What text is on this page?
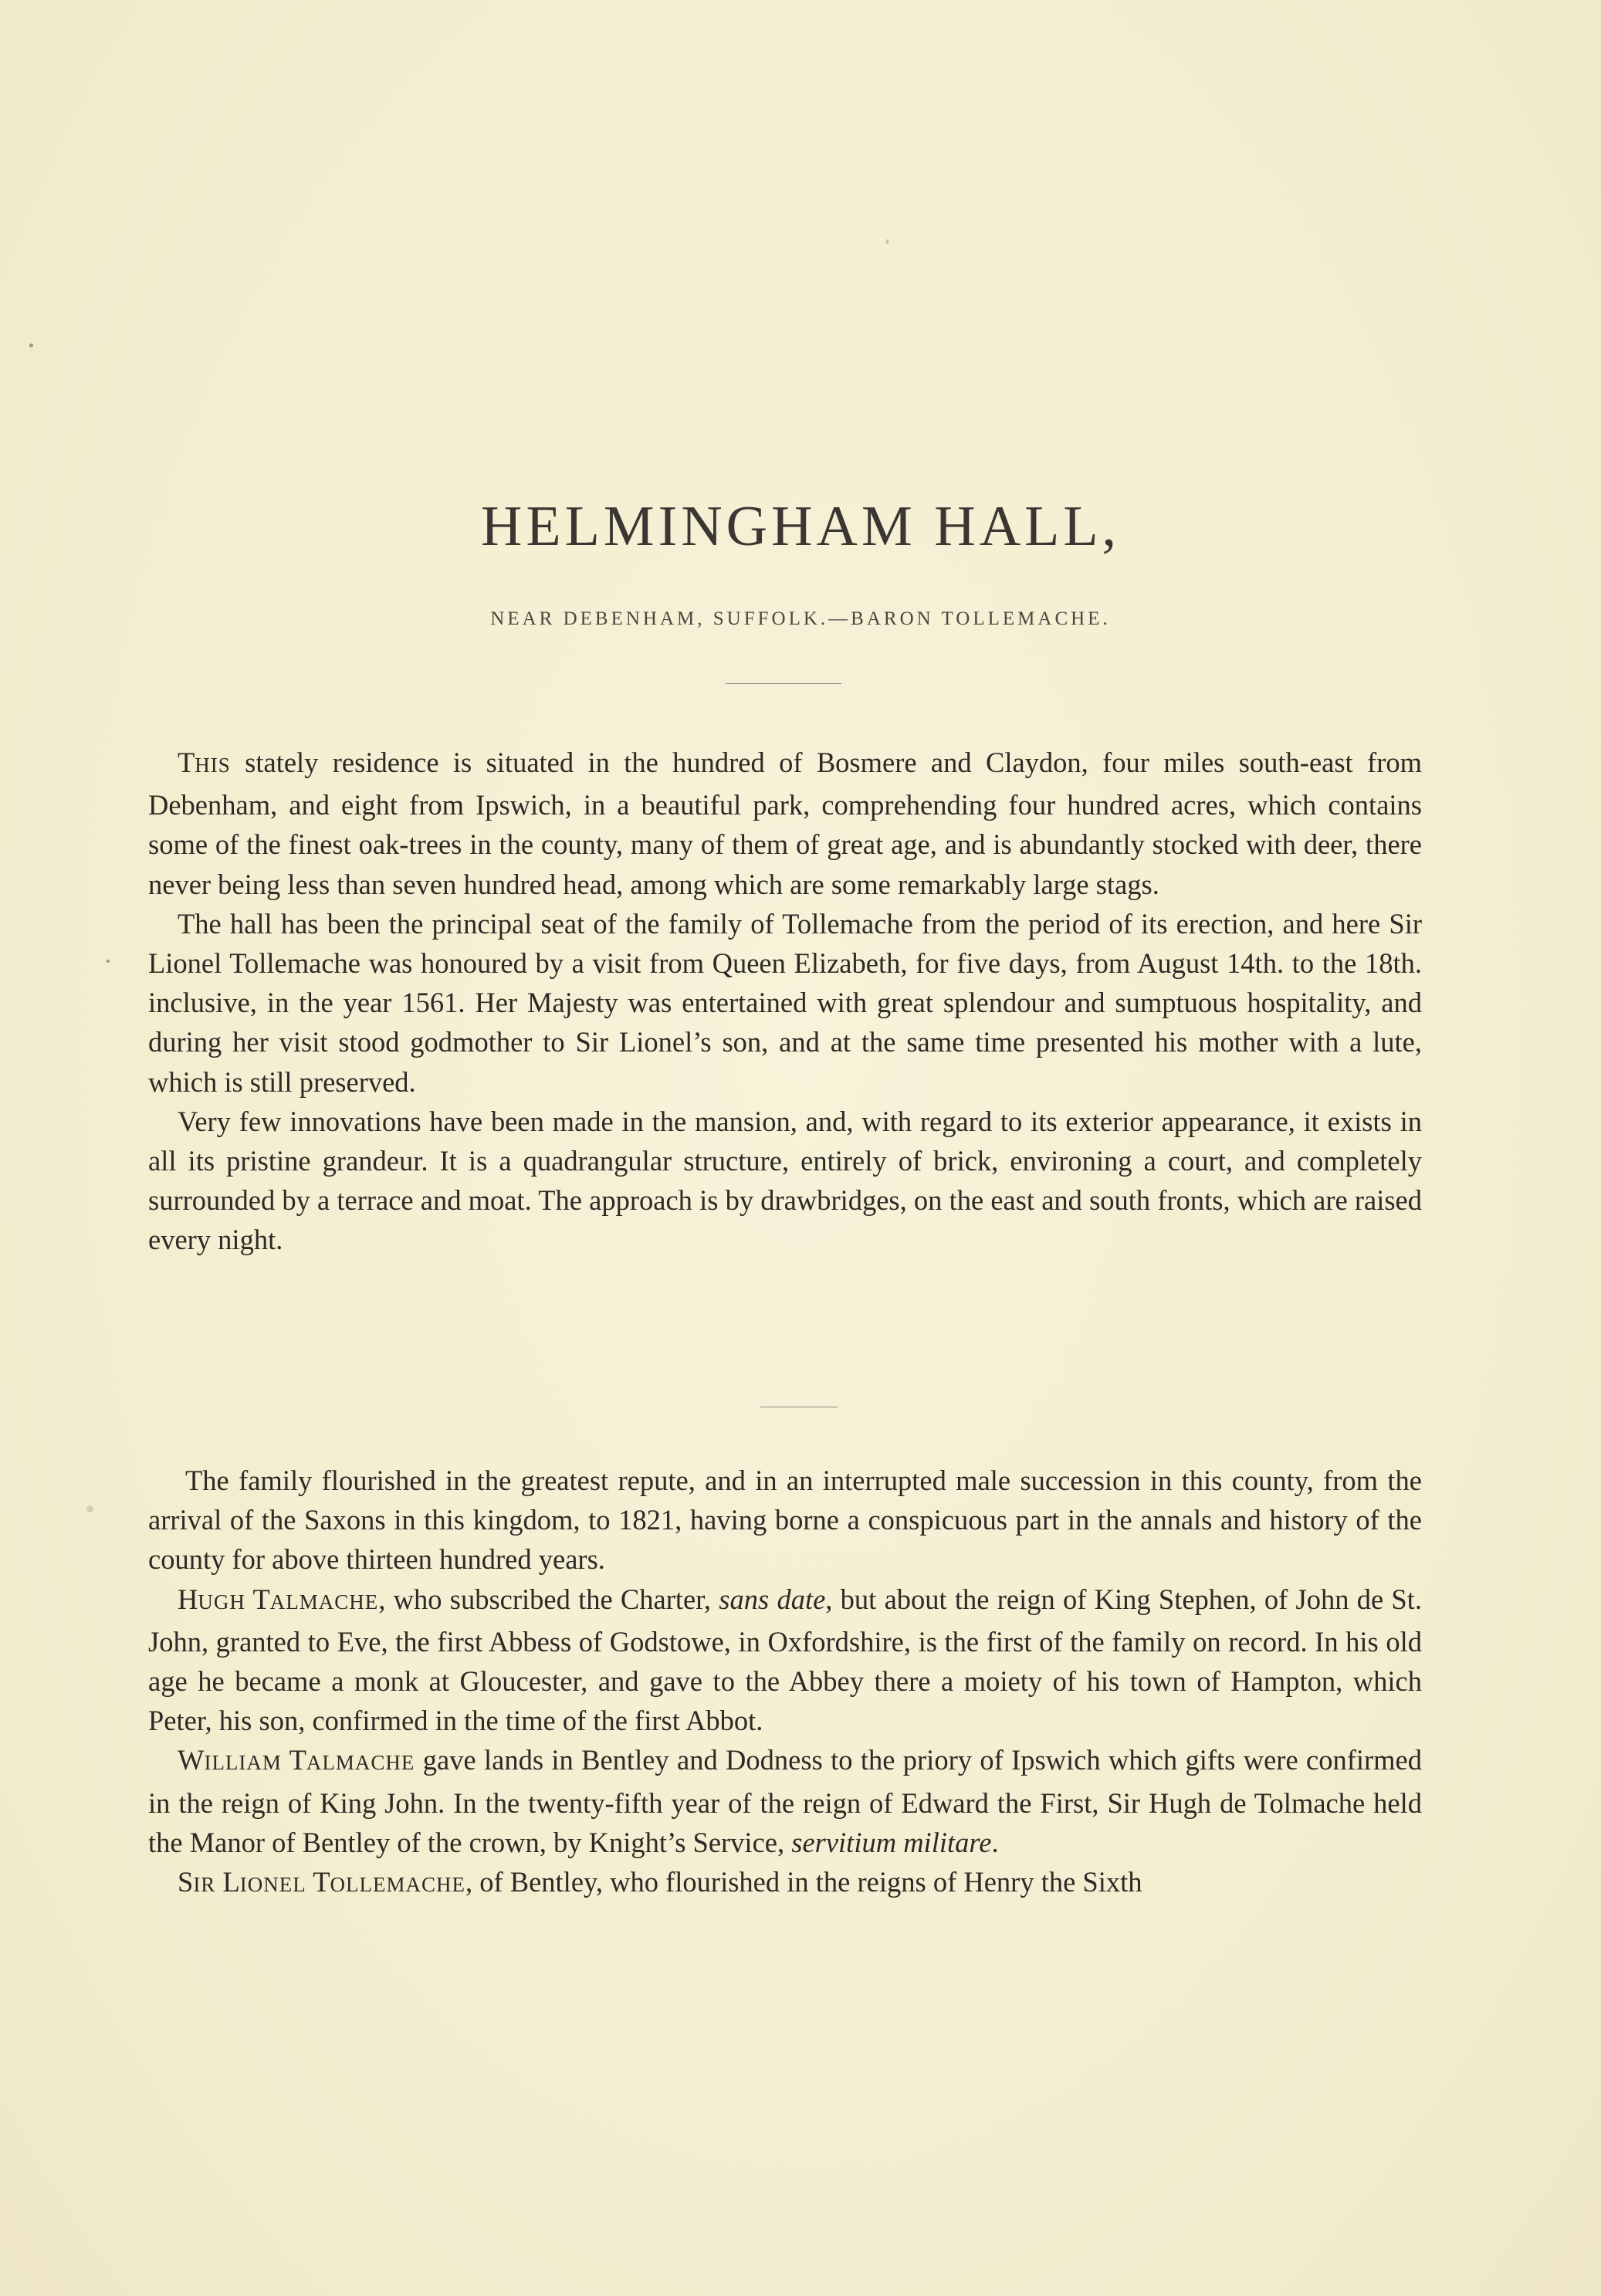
HELMINGHAM HALL,

NEAR DEBENHAM, SUFFOLK.—BARON TOLLEMACHE.

THIS stately residence is situated in the hundred of Bosmere and Claydon, four miles south-east from Debenham, and eight from Ipswich, in a beautiful park, comprehending four hundred acres, which contains some of the finest oak-trees in the county, many of them of great age, and is abundantly stocked with deer, there never being less than seven hundred head, among which are some remarkably large stags.

The hall has been the principal seat of the family of Tollemache from the period of its erection, and here Sir Lionel Tollemache was honoured by a visit from Queen Elizabeth, for five days, from August 14th. to the 18th. inclusive, in the year 1561. Her Majesty was entertained with great splendour and sumptuous hospitality, and during her visit stood godmother to Sir Lionel’s son, and at the same time presented his mother with a lute, which is still preserved.

Very few innovations have been made in the mansion, and, with regard to its exterior appearance, it exists in all its pristine grandeur. It is a quadrangular structure, entirely of brick, environing a court, and completely surrounded by a terrace and moat. The approach is by drawbridges, on the east and south fronts, which are raised every night.

The family flourished in the greatest repute, and in an interrupted male succession in this county, from the arrival of the Saxons in this kingdom, to 1821, having borne a conspicuous part in the annals and history of the county for above thirteen hundred years.

HUGH TALMACHE, who subscribed the Charter, sans date, but about the reign of King Stephen, of John de St. John, granted to Eve, the first Abbess of Godstowe, in Oxfordshire, is the first of the family on record. In his old age he became a monk at Gloucester, and gave to the Abbey there a moiety of his town of Hampton, which Peter, his son, confirmed in the time of the first Abbot.

WILLIAM TALMACHE gave lands in Bentley and Dodness to the priory of Ipswich which gifts were confirmed in the reign of King John. In the twenty-fifth year of the reign of Edward the First, Sir Hugh de Tolmache held the Manor of Bentley of the crown, by Knight’s Service, servitium militare.

SIR LIONEL TOLLEMACHE, of Bentley, who flourished in the reigns of Henry the Sixth
